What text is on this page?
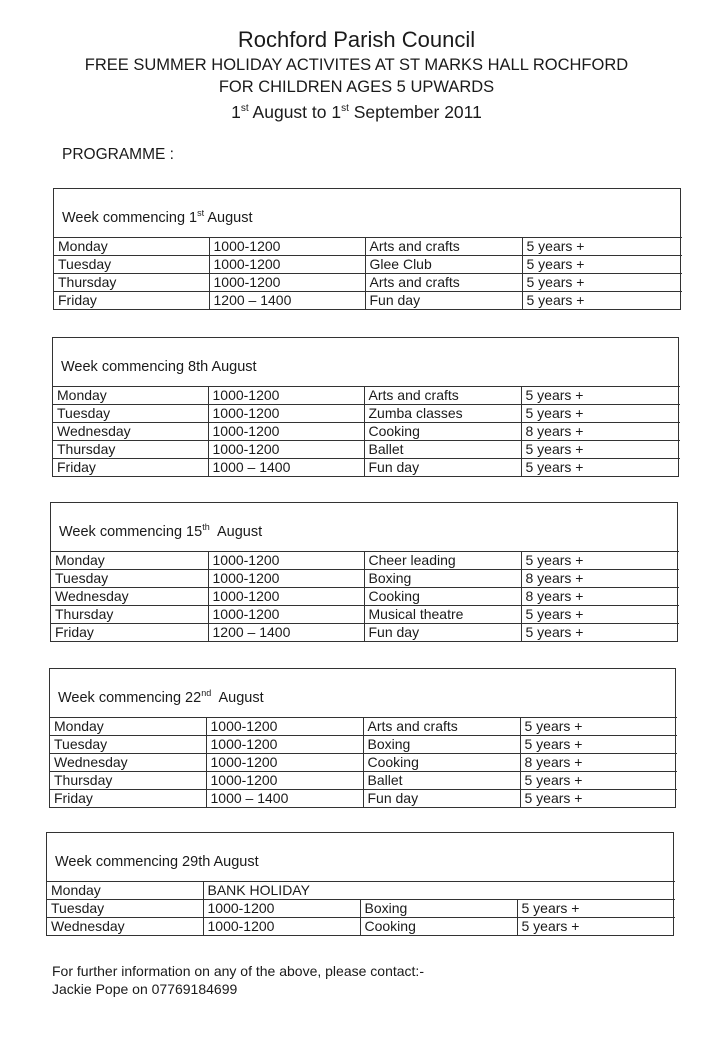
Rochford Parish Council
FREE SUMMER HOLIDAY ACTIVITES AT ST MARKS HALL ROCHFORD
FOR CHILDREN AGES 5 UPWARDS
1st August to 1st September 2011
PROGRAMME :
Week commencing 1st August
Monday	1000-1200	Arts and crafts	5 years +
Tuesday	1000-1200	Glee Club	5 years +
Thursday	1000-1200	Arts and crafts	5 years +
Friday	1200 – 1400	Fun day	5 years +
Week commencing 8th August
Monday	1000-1200	Arts and crafts	5 years +
Tuesday	1000-1200	Zumba classes	5 years +
Wednesday	1000-1200	Cooking	8 years +
Thursday	1000-1200	Ballet	5 years +
Friday	1000 – 1400	Fun day	5 years +
Week commencing 15th  August
Monday	1000-1200	Cheer leading	5 years +
Tuesday	1000-1200	Boxing	8 years +
Wednesday	1000-1200	Cooking	8 years +
Thursday	1000-1200	Musical theatre	5 years +
Friday	1200 – 1400	Fun day	5 years +
Week commencing 22nd  August
Monday	1000-1200	Arts and crafts	5 years +
Tuesday	1000-1200	Boxing	5 years +
Wednesday	1000-1200	Cooking	8 years +
Thursday	1000-1200	Ballet	5 years +
Friday	1000 – 1400	Fun day	5 years +
Week commencing 29th August
Monday	BANK HOLIDAY		
Tuesday	1000-1200	Boxing	5 years +
Wednesday	1000-1200	Cooking	5 years +
For further information on any of the above, please contact:-
Jackie Pope on 07769184699
